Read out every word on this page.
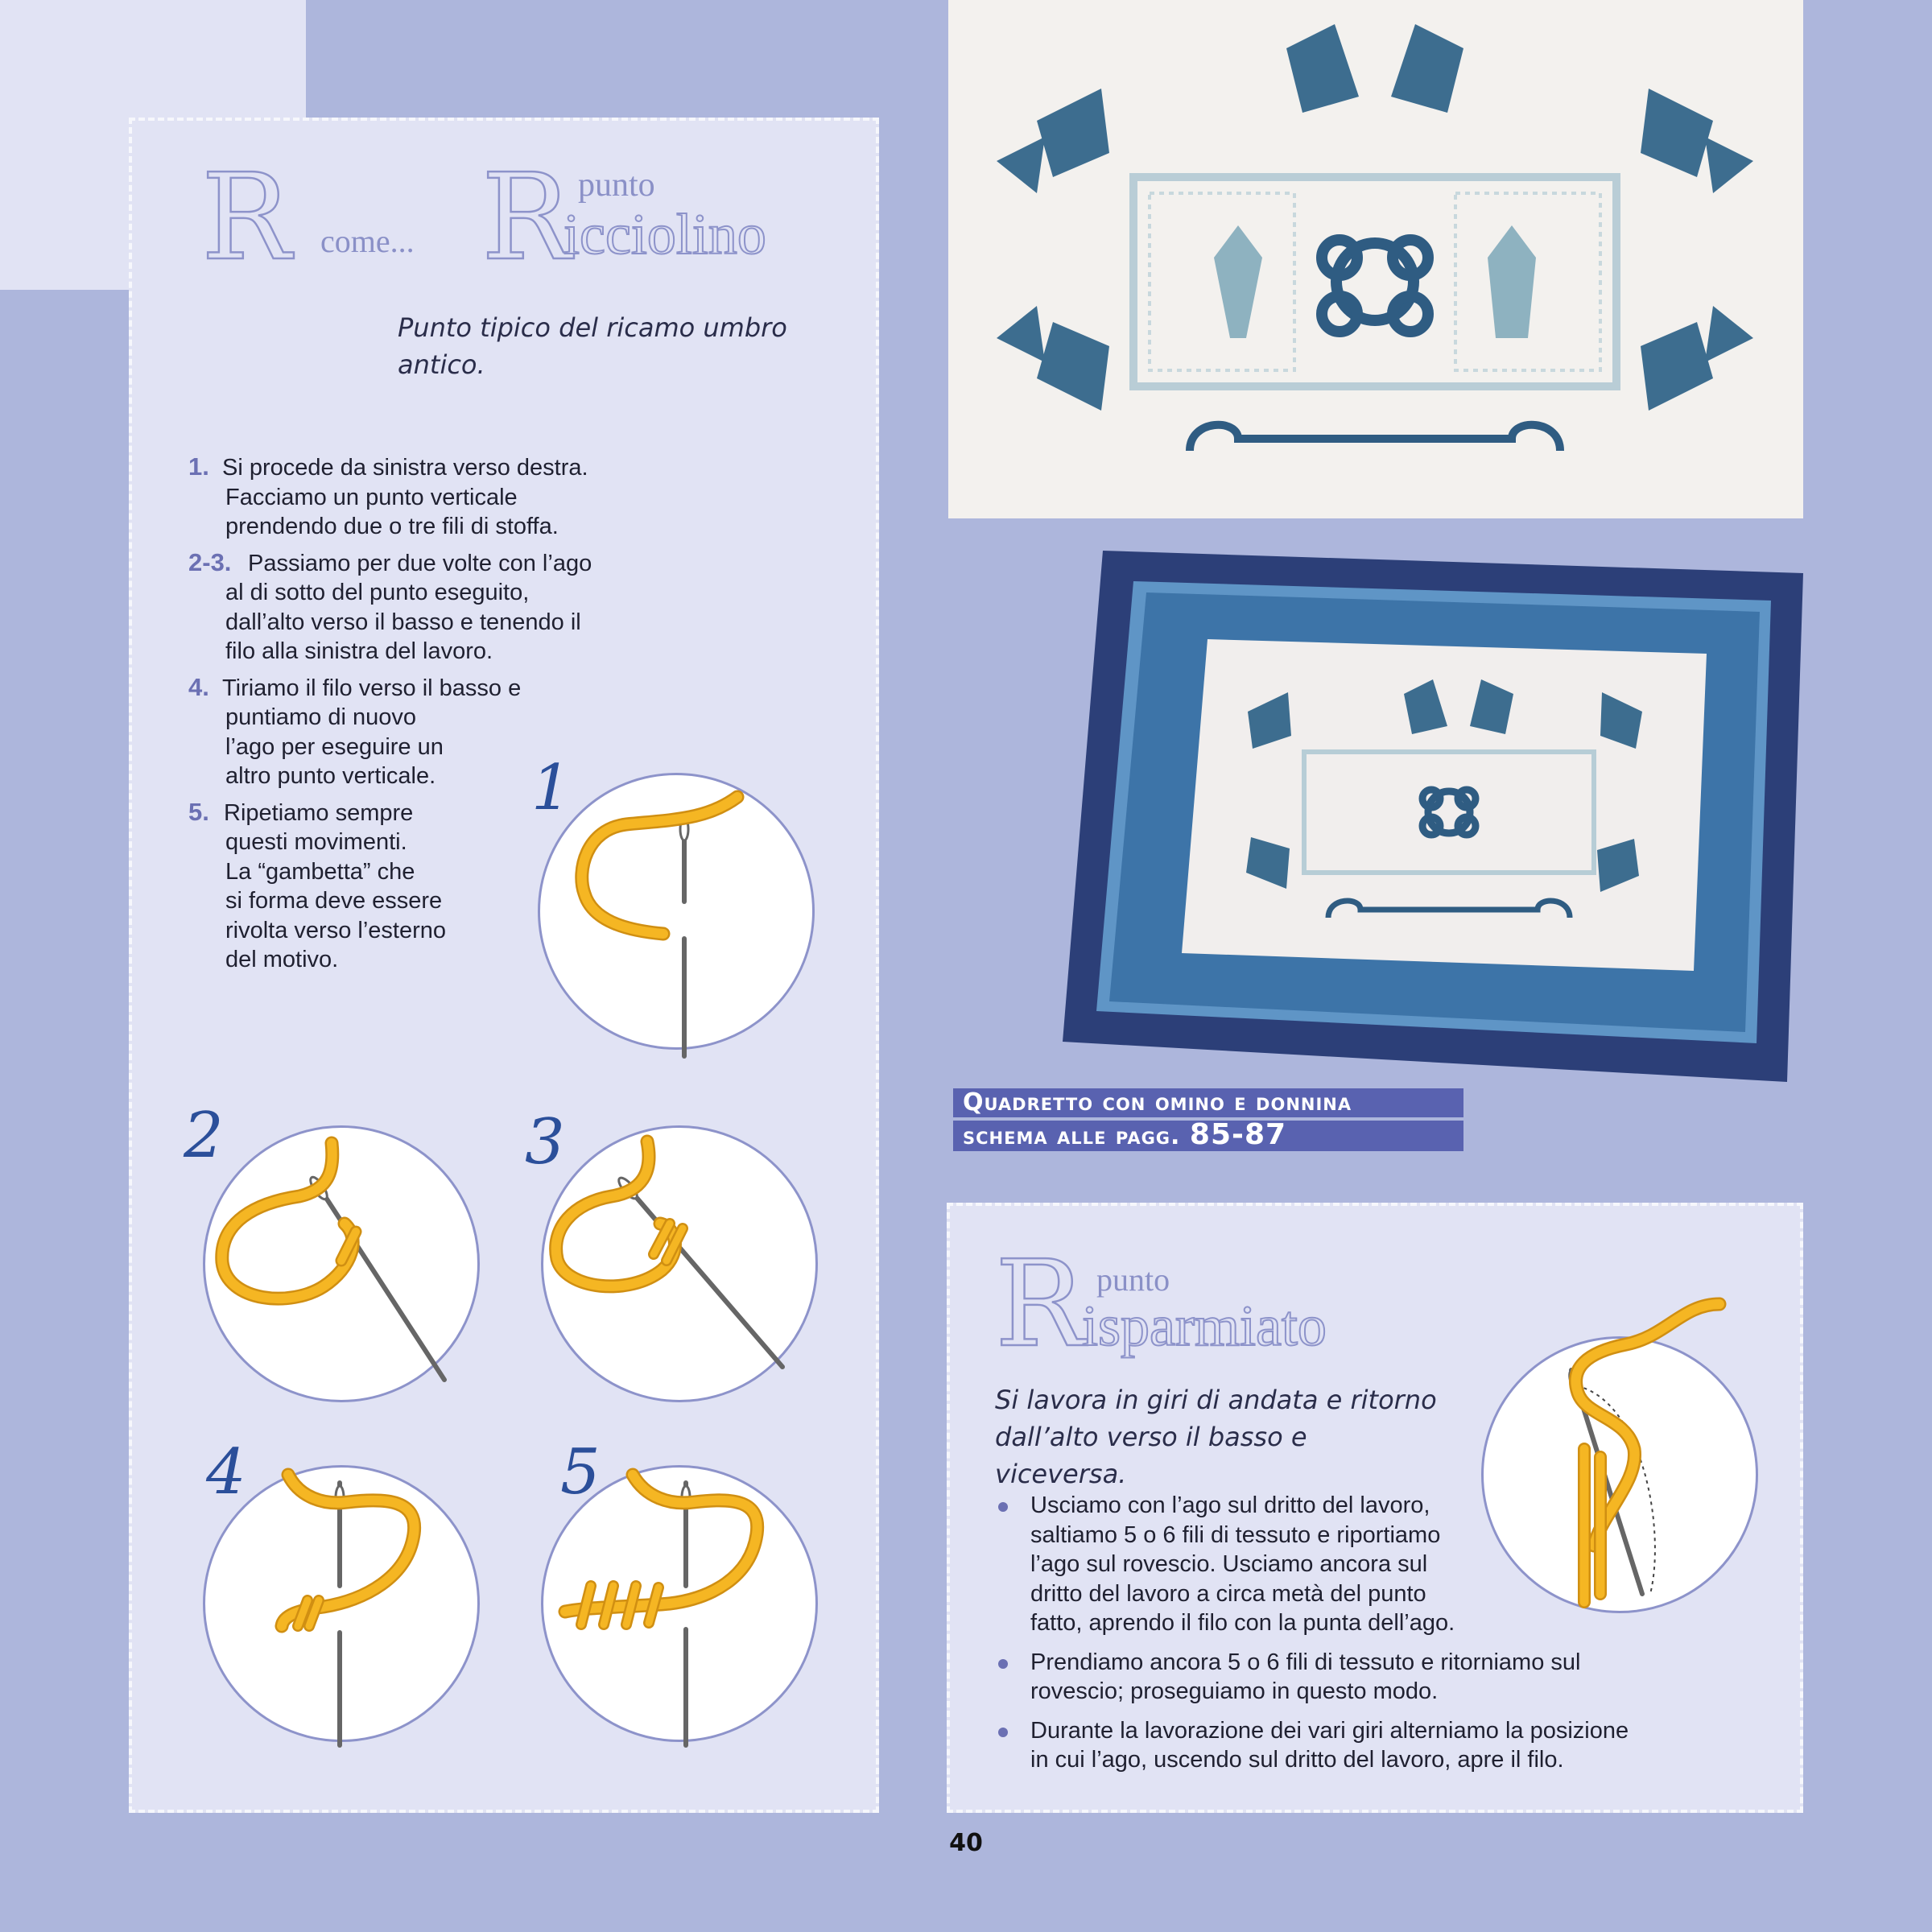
R come... R punto
icciolino
Punto tipico del ricamo umbro
antico.
1. Si procede da sinistra verso destra.
Facciamo un punto verticale
prendendo due o tre fili di stoffa.
2-3. Passiamo per due volte con l’ago
al di sotto del punto eseguito,
dall’alto verso il basso e tenendo il
filo alla sinistra del lavoro.
4. Tiriamo il filo verso il basso e
puntiamo di nuovo
l’ago per eseguire un
altro punto verticale.
5. Ripetiamo sempre
questi movimenti.
La “gambetta” che
si forma deve essere
rivolta verso l’esterno
del motivo.
1
2	3
4	5
Quadretto con omino e donnina
schema alle pagg. 85-87
R punto
isparmiato
Si lavora in giri di andata e ritorno
dall’alto verso il basso e viceversa.
Usciamo con l’ago sul dritto del lavoro,
saltiamo 5 o 6 fili di tessuto e riportiamo
l’ago sul rovescio. Usciamo ancora sul
dritto del lavoro a circa metà del punto
fatto, aprendo il filo con la punta dell’ago.
Prendiamo ancora 5 o 6 fili di tessuto e ritorniamo sul
rovescio; proseguiamo in questo modo.
Durante la lavorazione dei vari giri alterniamo la posizione
in cui l’ago, uscendo sul dritto del lavoro, apre il filo.
40
